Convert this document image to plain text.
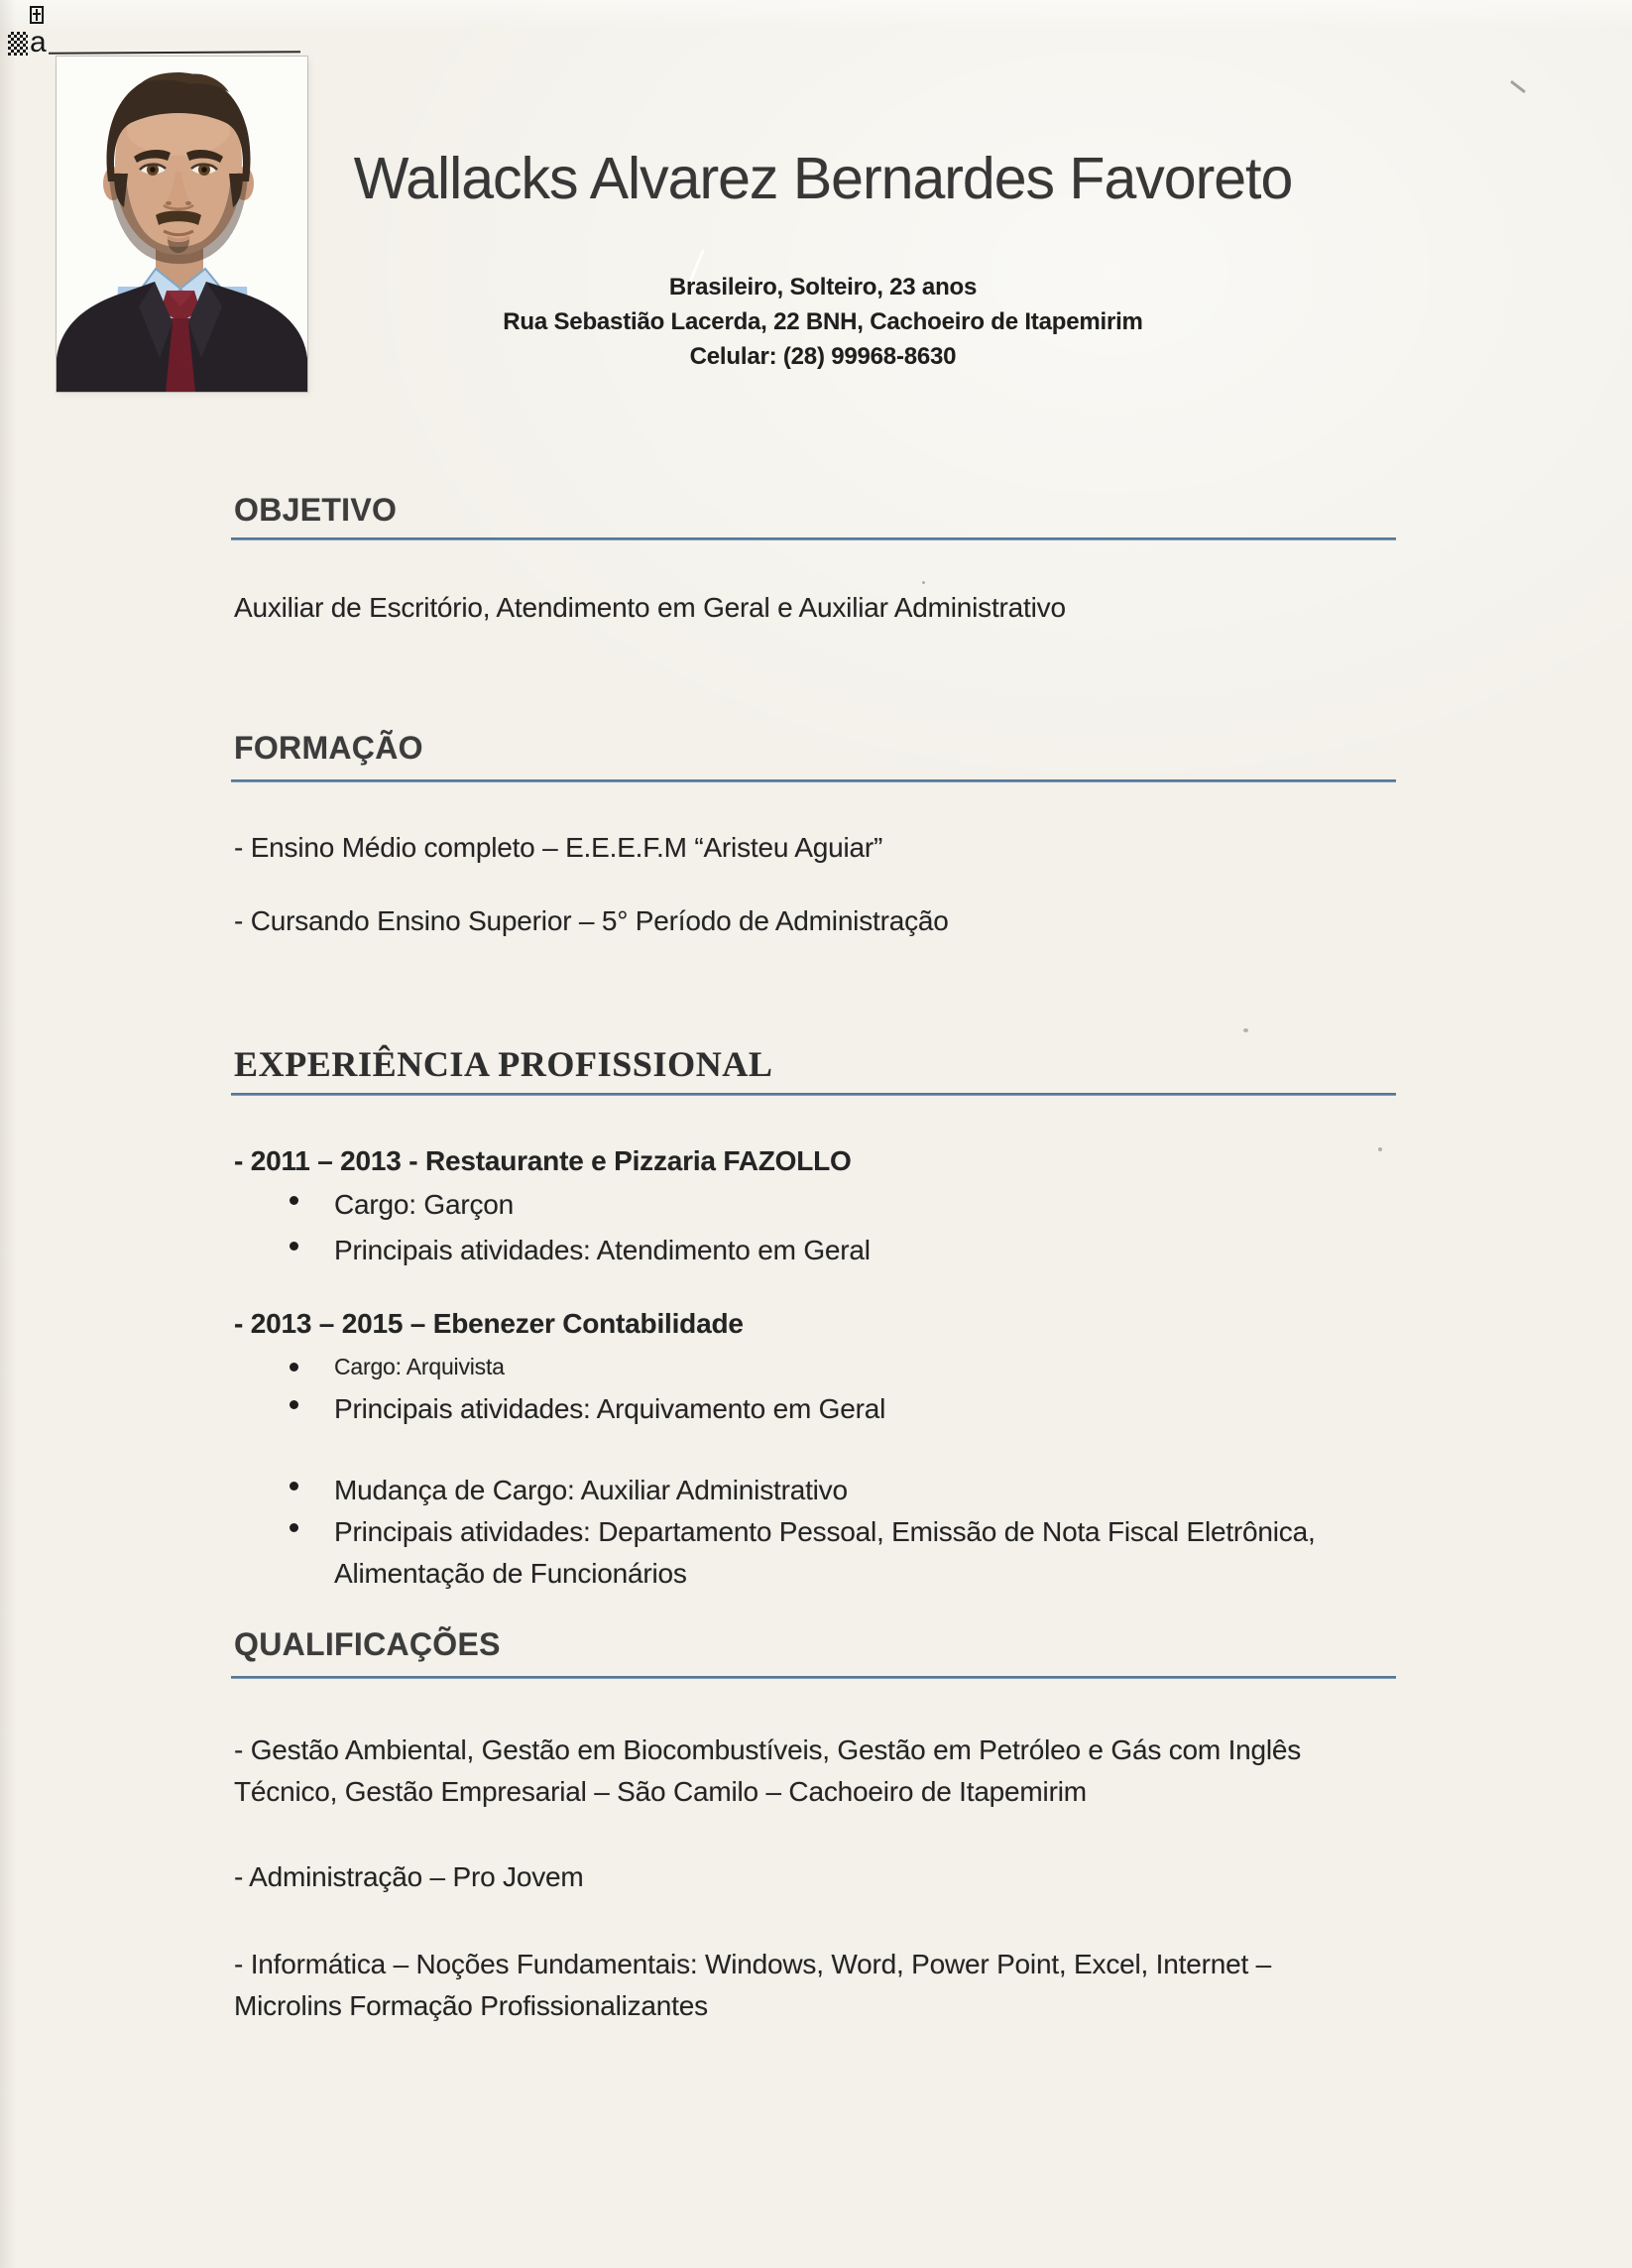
a
Wallacks Alvarez Bernardes Favoreto
Brasileiro, Solteiro, 23 anos
Rua Sebastião Lacerda, 22 BNH, Cachoeiro de Itapemirim
Celular: (28) 99968-8630
OBJETIVO

Auxiliar de Escritório, Atendimento em Geral e Auxiliar Administrativo

FORMAÇÃO

- Ensino Médio completo – E.E.E.F.M “Aristeu Aguiar”

- Cursando Ensino Superior – 5° Período de Administração

EXPERIÊNCIA PROFISSIONAL

- 2011 – 2013 - Restaurante e Pizzaria FAZOLLO

Cargo: Garçon
Principais atividades: Atendimento em Geral

- 2013 – 2015 – Ebenezer Contabilidade

Cargo: Arquivista
Principais atividades: Arquivamento em Geral
Mudança de Cargo: Auxiliar Administrativo
Principais atividades: Departamento Pessoal, Emissão de Nota Fiscal Eletrônica, Alimentação de Funcionários
QUALIFICAÇÕES

- Gestão Ambiental, Gestão em Biocombustíveis, Gestão em Petróleo e Gás com Inglês Técnico, Gestão Empresarial – São Camilo – Cachoeiro de Itapemirim

- Administração – Pro Jovem

- Informática – Noções Fundamentais: Windows, Word, Power Point, Excel, Internet – Microlins Formação Profissionalizantes
